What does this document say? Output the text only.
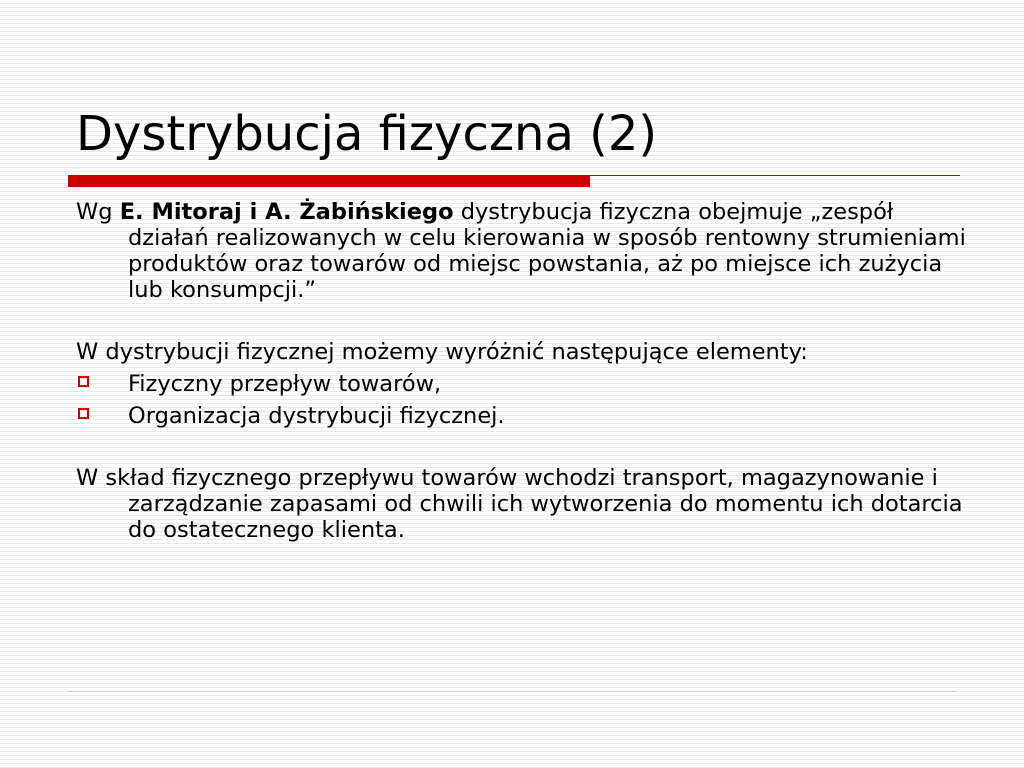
Dystrybucja fizyczna (2)

Wg E. Mitoraj i A. Żabińskiego dystrybucja fizyczna obejmuje „zespół działań realizowanych w celu kierowania w sposób rentowny strumieniami produktów oraz towarów od miejsc powstania, aż po miejsce ich zużycia lub konsumpcji.”

W dystrybucji fizycznej możemy wyróżnić następujące elementy:

Fizyczny przepływ towarów,
Organizacja dystrybucji fizycznej.

W skład fizycznego przepływu towarów wchodzi transport, magazynowanie i zarządzanie zapasami od chwili ich wytworzenia do momentu ich dotarcia do ostatecznego klienta.
